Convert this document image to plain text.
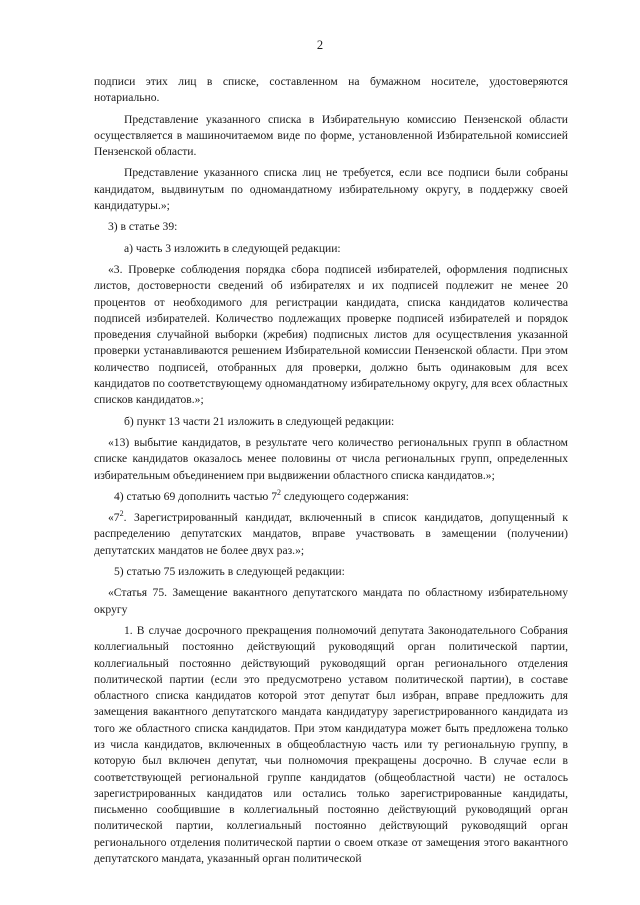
2

подписи этих лиц в списке, составленном на бумажном носителе, удостоверяются нотариально.

Представление указанного списка в Избирательную комиссию Пензенской области осуществляется в машиночитаемом виде по форме, установленной Избирательной комиссией Пензенской области.

Представление указанного списка лиц не требуется, если все подписи были собраны кандидатом, выдвинутым по одномандатному избирательному округу, в поддержку своей кандидатуры.»;

3) в статье 39:

а) часть 3 изложить в следующей редакции:

«3. Проверке соблюдения порядка сбора подписей избирателей, оформления подписных листов, достоверности сведений об избирателях и их подписей подлежит не менее 20 процентов от необходимого для регистрации кандидата, списка кандидатов количества подписей избирателей. Количество подлежащих проверке подписей избирателей и порядок проведения случайной выборки (жребия) подписных листов для осуществления указанной проверки устанавливаются решением Избирательной комиссии Пензенской области. При этом количество подписей, отобранных для проверки, должно быть одинаковым для всех кандидатов по соответствующему одномандатному избирательному округу, для всех областных списков кандидатов.»;

б) пункт 13 части 21 изложить в следующей редакции:

«13) выбытие кандидатов, в результате чего количество региональных групп в областном списке кандидатов оказалось менее половины от числа региональных групп, определенных избирательным объединением при выдвижении областного списка кандидатов.»;

4) статью 69 дополнить частью $7^2$ следующего содержания:

«$7^2$. Зарегистрированный кандидат, включенный в список кандидатов, допущенный к распределению депутатских мандатов, вправе участвовать в замещении (получении) депутатских мандатов не более двух раз.»;

5) статью 75 изложить в следующей редакции:

«Статья 75. Замещение вакантного депутатского мандата по областному избирательному округу

1. В случае досрочного прекращения полномочий депутата Законодательного Собрания коллегиальный постоянно действующий руководящий орган политической партии, коллегиальный постоянно действующий руководящий орган регионального отделения политической партии (если это предусмотрено уставом политической партии), в составе областного списка кандидатов которой этот депутат был избран, вправе предложить для замещения вакантного депутатского мандата кандидатуру зарегистрированного кандидата из того же областного списка кандидатов. При этом кандидатура может быть предложена только из числа кандидатов, включенных в общеобластную часть или ту региональную группу, в которую был включен депутат, чьи полномочия прекращены досрочно. В случае если в соответствующей региональной группе кандидатов (общеобластной части) не осталось зарегистрированных кандидатов или остались только зарегистрированные кандидаты, письменно сообщившие в коллегиальный постоянно действующий руководящий орган политической партии, коллегиальный постоянно действующий руководящий орган регионального отделения политической партии о своем отказе от замещения этого вакантного депутатского мандата, указанный орган политической
